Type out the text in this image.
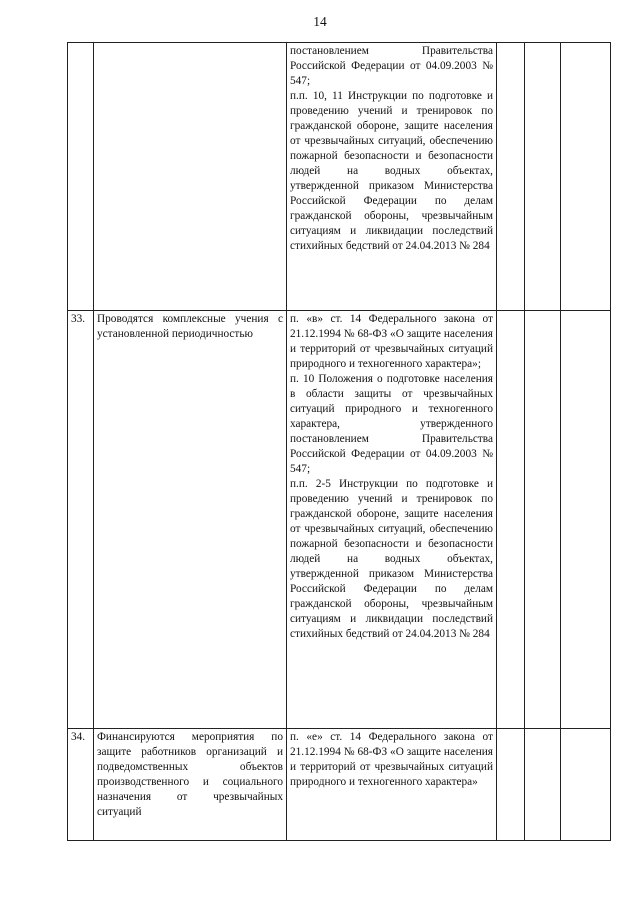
14

		постановлением Правительства Российской Федерации от 04.09.2003 № 547;
п.п. 10, 11 Инструкции по подготовке и проведению учений и тренировок по гражданской обороне, защите населения от чрезвычайных ситуаций, обеспечению пожарной безопасности и безопасности людей на водных объектах, утвержденной приказом Министерства Российской Федерации по делам гражданской обороны, чрезвычайным ситуациям и ликвидации последствий стихийных бедствий от 24.04.2013 № 284			

33.	Проводятся комплексные учения с установленной периодичностью	п. «в» ст. 14 Федерального закона от 21.12.1994 № 68-ФЗ «О защите населения и территорий от чрезвычайных ситуаций природного и техногенного характера»;
п. 10 Положения о подготовке населения в области защиты от чрезвычайных ситуаций природного и техногенного характера, утвержденного постановлением Правительства Российской Федерации от 04.09.2003 № 547;
п.п. 2-5 Инструкции по подготовке и проведению учений и тренировок по гражданской обороне, защите населения от чрезвычайных ситуаций, обеспечению пожарной безопасности и безопасности людей на водных объектах, утвержденной приказом Министерства Российской Федерации по делам гражданской обороны, чрезвычайным ситуациям и ликвидации последствий стихийных бедствий от 24.04.2013 № 284			

34.	Финансируются мероприятия по защите работников организаций и подведомственных объектов производственного и социального назначения от чрезвычайных ситуаций	п. «е» ст. 14 Федерального закона от 21.12.1994 № 68-ФЗ «О защите населения и территорий от чрезвычайных ситуаций природного и техногенного характера»			
